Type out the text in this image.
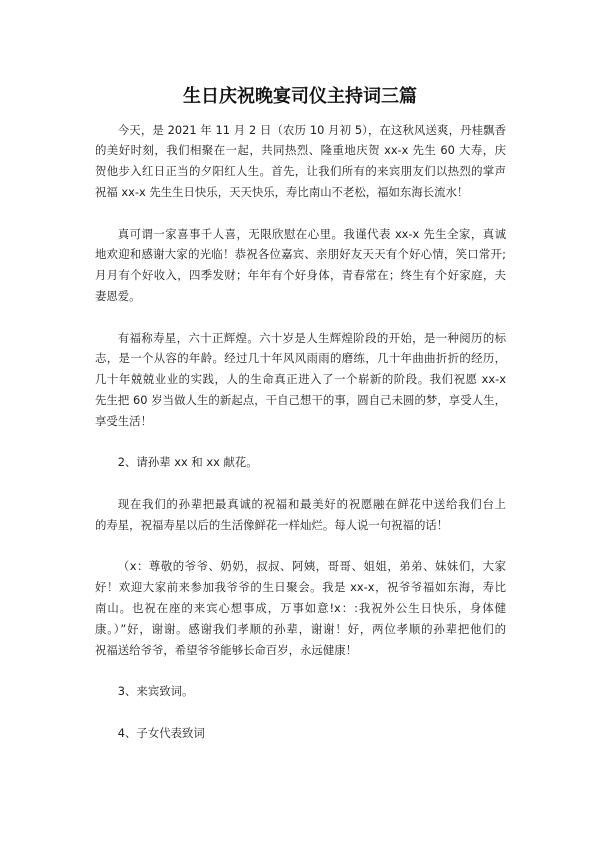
生日庆祝晚宴司仪主持词三篇
今天，是 2021 年 11 月 2 日（农历 10 月初 5），在这秋风送爽，丹桂飘香
的美好时刻，我们相聚在一起，共同热烈、隆重地庆贺 xx-x 先生 60 大寿，庆
贺他步入红日正当的夕阳红人生。首先，让我们所有的来宾朋友们以热烈的掌声
祝福 xx-x 先生生日快乐，天天快乐，寿比南山不老松，福如东海长流水！
真可谓一家喜事千人喜，无限欣慰在心里。我谨代表 xx-x 先生全家，真诚
地欢迎和感谢大家的光临！恭祝各位嘉宾、亲朋好友天天有个好心情，笑口常开;
月月有个好收入，四季发财；年年有个好身体，青春常在；终生有个好家庭，夫
妻恩爱。
有福称寿星，六十正辉煌。六十岁是人生辉煌阶段的开始，是一种阅历的标
志，是一个从容的年龄。经过几十年风风雨雨的磨练，几十年曲曲折折的经历，
几十年兢兢业业的实践，人的生命真正进入了一个崭新的阶段。我们祝愿 xx-x
先生把 60 岁当做人生的新起点，干自己想干的事，圆自己未圆的梦，享受人生，
享受生活！
2、请孙辈 xx 和 xx 献花。
现在我们的孙辈把最真诚的祝福和最美好的祝愿融在鲜花中送给我们台上
的寿星，祝福寿星以后的生活像鲜花一样灿烂。每人说一句祝福的话！
（x：尊敬的爷爷、奶奶，叔叔、阿姨，哥哥、姐姐，弟弟、妹妹们，大家
好！欢迎大家前来参加我爷爷的生日聚会。我是 xx-x，祝爷爷福如东海，寿比
南山。也祝在座的来宾心想事成，万事如意!x：:我祝外公生日快乐，身体健
康。）”好，谢谢。感谢我们孝顺的孙辈，谢谢！好，两位孝顺的孙辈把他们的
祝福送给爷爷，希望爷爷能够长命百岁，永远健康！
3、来宾致词。
4、子女代表致词
